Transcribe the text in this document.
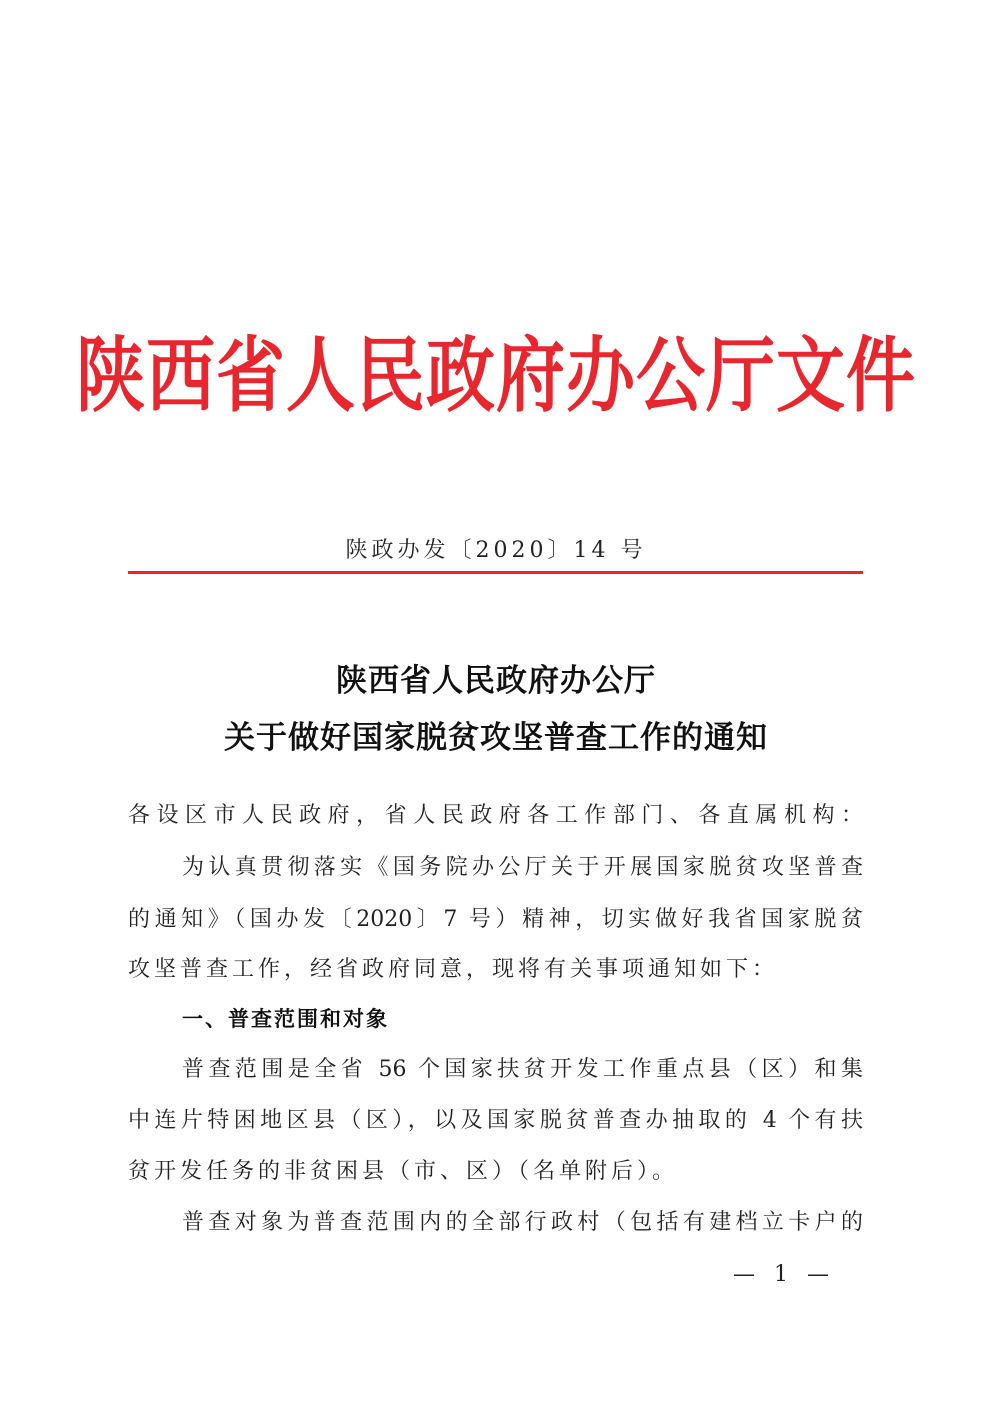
陕西省人民政府办公厅文件
陕政办发〔2020〕14 号
陕西省人民政府办公厅
关于做好国家脱贫攻坚普查工作的通知
各设区市人民政府，省人民政府各工作部门、各直属机构：
为认真贯彻落实《国务院办公厅关于开展国家脱贫攻坚普查
的通知》（国办发〔2020〕7 号）精神，切实做好我省国家脱贫
攻坚普查工作，经省政府同意，现将有关事项通知如下：
一、普查范围和对象
普查范围是全省 56 个国家扶贫开发工作重点县（区）和集
中连片特困地区县（区），以及国家脱贫普查办抽取的 4 个有扶
贫开发任务的非贫困县（市、区）（名单附后）。
普查对象为普查范围内的全部行政村（包括有建档立卡户的
— 1 —
